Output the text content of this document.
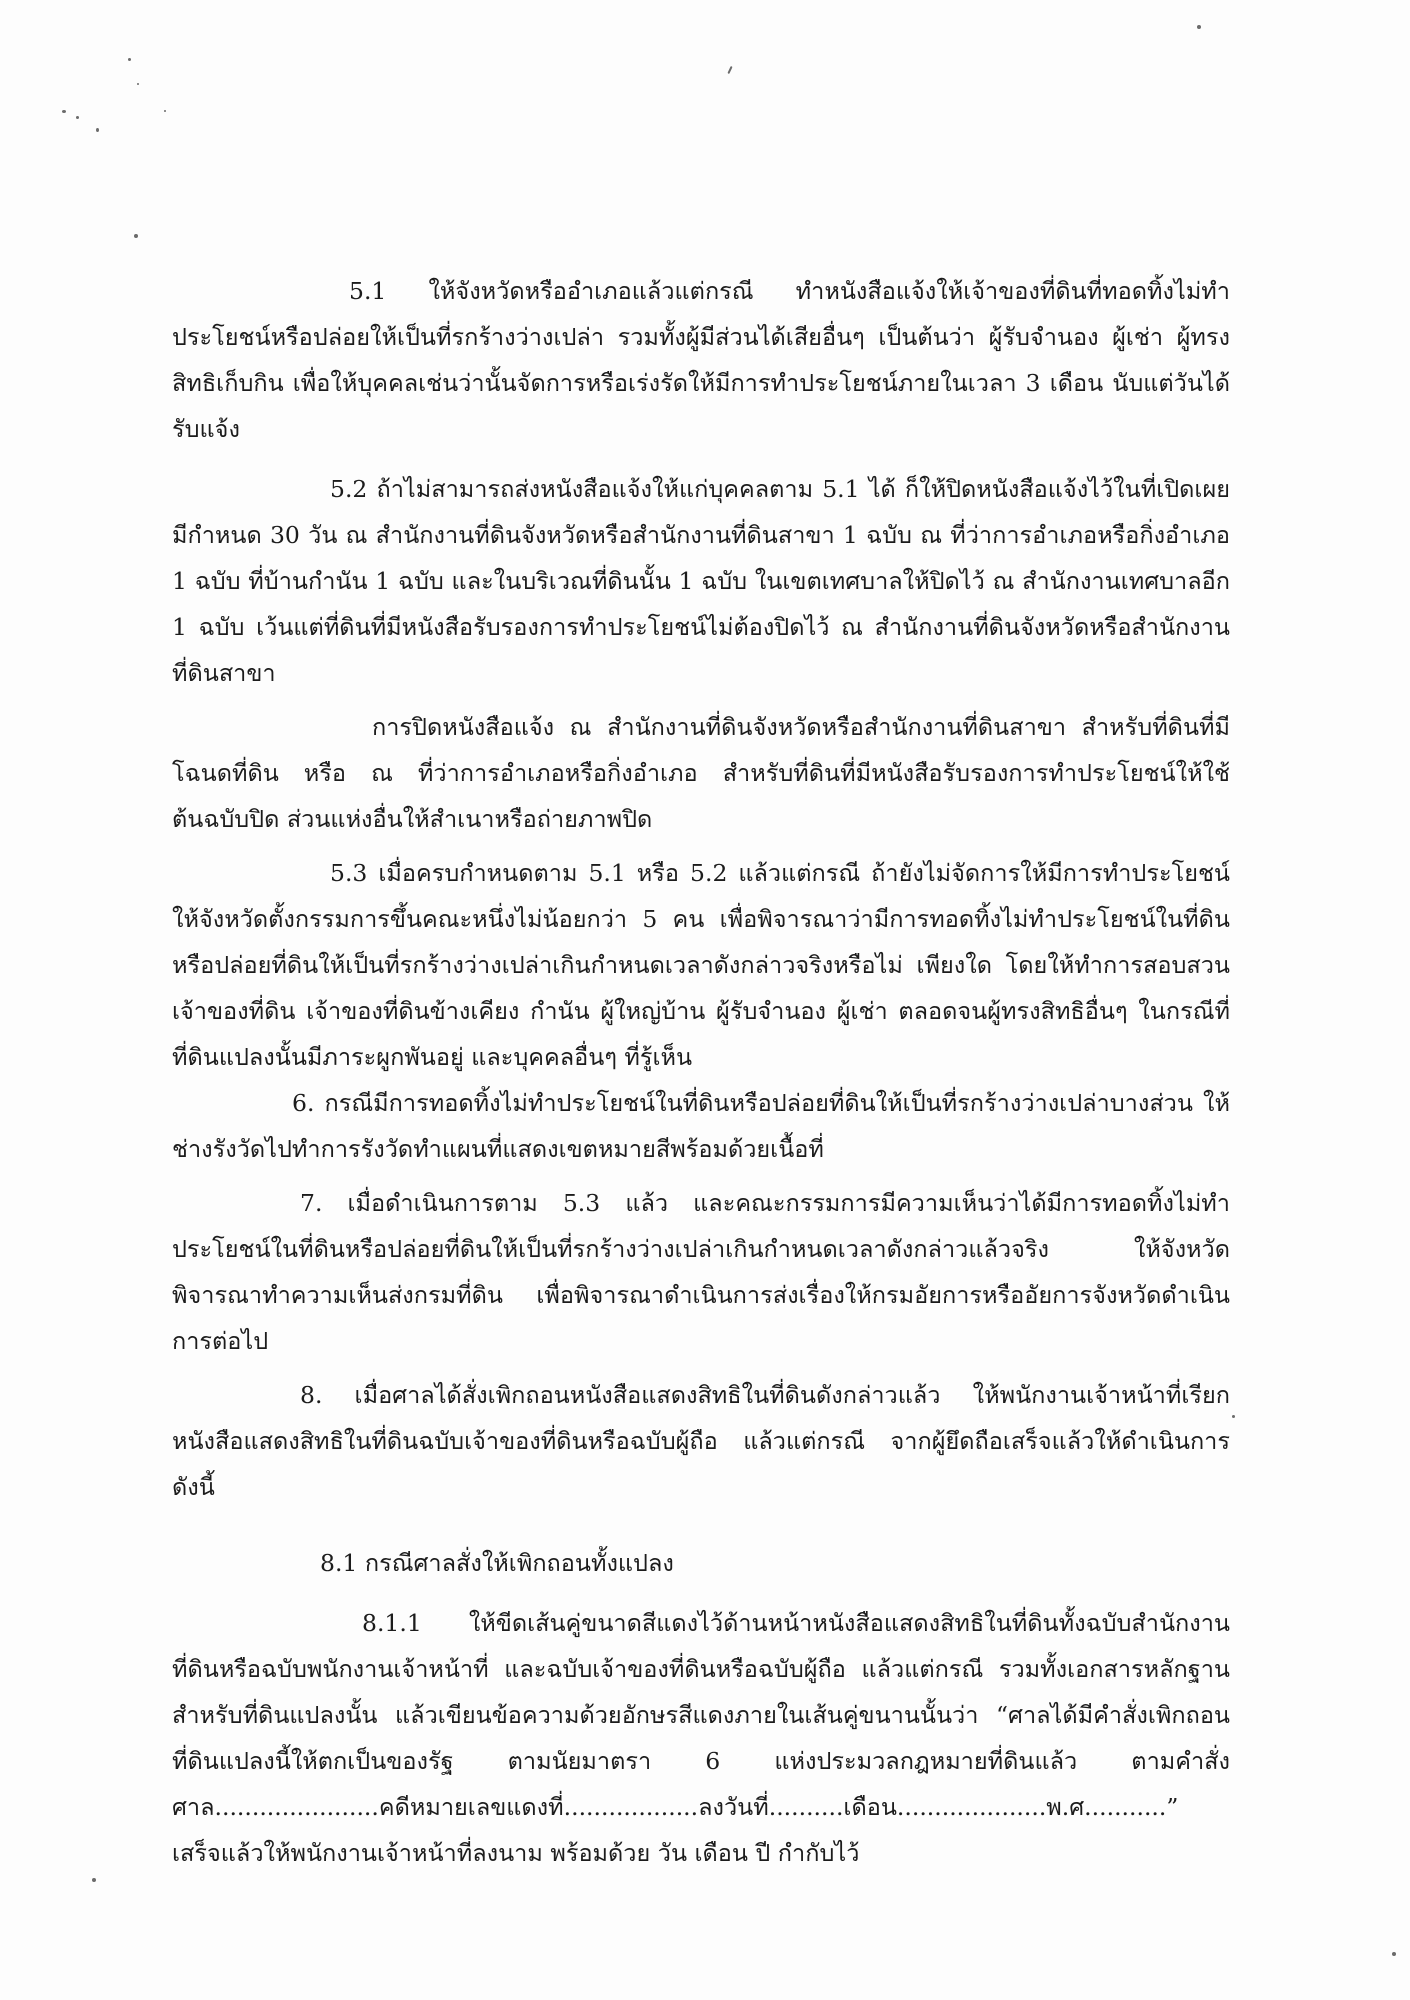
5.1 ให้จังหวัดหรืออำเภอแล้วแต่กรณี ทำหนังสือแจ้งให้เจ้าของที่ดินที่ทอดทิ้งไม่ทำประโยชน์หรือปล่อยให้เป็นที่รกร้างว่างเปล่า รวมทั้งผู้มีส่วนได้เสียอื่นๆ เป็นต้นว่า ผู้รับจำนอง ผู้เช่า ผู้ทรงสิทธิเก็บกิน เพื่อให้บุคคลเช่นว่านั้นจัดการหรือเร่งรัดให้มีการทำประโยชน์ภายในเวลา 3 เดือน นับแต่วันได้รับแจ้ง

5.2 ถ้าไม่สามารถส่งหนังสือแจ้งให้แก่บุคคลตาม 5.1 ได้ ก็ให้ปิดหนังสือแจ้งไว้ในที่เปิดเผยมีกำหนด 30 วัน ณ สำนักงานที่ดินจังหวัดหรือสำนักงานที่ดินสาขา 1 ฉบับ ณ ที่ว่าการอำเภอหรือกิ่งอำเภอ 1 ฉบับ ที่บ้านกำนัน 1 ฉบับ และในบริเวณที่ดินนั้น 1 ฉบับ ในเขตเทศบาลให้ปิดไว้ ณ สำนักงานเทศบาลอีก 1 ฉบับ เว้นแต่ที่ดินที่มีหนังสือรับรองการทำประโยชน์ไม่ต้องปิดไว้ ณ สำนักงานที่ดินจังหวัดหรือสำนักงานที่ดินสาขา

การปิดหนังสือแจ้ง ณ สำนักงานที่ดินจังหวัดหรือสำนักงานที่ดินสาขา สำหรับที่ดินที่มีโฉนดที่ดิน หรือ ณ ที่ว่าการอำเภอหรือกิ่งอำเภอ สำหรับที่ดินที่มีหนังสือรับรองการทำประโยชน์ให้ใช้ต้นฉบับปิด ส่วนแห่งอื่นให้สำเนาหรือถ่ายภาพปิด

5.3 เมื่อครบกำหนดตาม 5.1 หรือ 5.2 แล้วแต่กรณี ถ้ายังไม่จัดการให้มีการทำประโยชน์ ให้จังหวัดตั้งกรรมการขึ้นคณะหนึ่งไม่น้อยกว่า 5 คน เพื่อพิจารณาว่ามีการทอดทิ้งไม่ทำประโยชน์ในที่ดินหรือปล่อยที่ดินให้เป็นที่รกร้างว่างเปล่าเกินกำหนดเวลาดังกล่าวจริงหรือไม่ เพียงใด โดยให้ทำการสอบสวนเจ้าของที่ดิน เจ้าของที่ดินข้างเคียง กำนัน ผู้ใหญ่บ้าน ผู้รับจำนอง ผู้เช่า ตลอดจนผู้ทรงสิทธิอื่นๆ ในกรณีที่ที่ดินแปลงนั้นมีภาระผูกพันอยู่ และบุคคลอื่นๆ ที่รู้เห็น

6. กรณีมีการทอดทิ้งไม่ทำประโยชน์ในที่ดินหรือปล่อยที่ดินให้เป็นที่รกร้างว่างเปล่าบางส่วน ให้ช่างรังวัดไปทำการรังวัดทำแผนที่แสดงเขตหมายสีพร้อมด้วยเนื้อที่

7. เมื่อดำเนินการตาม 5.3 แล้ว และคณะกรรมการมีความเห็นว่าได้มีการทอดทิ้งไม่ทำประโยชน์ในที่ดินหรือปล่อยที่ดินให้เป็นที่รกร้างว่างเปล่าเกินกำหนดเวลาดังกล่าวแล้วจริง ให้จังหวัดพิจารณาทำความเห็นส่งกรมที่ดิน เพื่อพิจารณาดำเนินการส่งเรื่องให้กรมอัยการหรืออัยการจังหวัดดำเนินการต่อไป

8. เมื่อศาลได้สั่งเพิกถอนหนังสือแสดงสิทธิในที่ดินดังกล่าวแล้ว ให้พนักงานเจ้าหน้าที่เรียกหนังสือแสดงสิทธิในที่ดินฉบับเจ้าของที่ดินหรือฉบับผู้ถือ แล้วแต่กรณี จากผู้ยึดถือเสร็จแล้วให้ดำเนินการดังนี้

8.1 กรณีศาลสั่งให้เพิกถอนทั้งแปลง

8.1.1 ให้ขีดเส้นคู่ขนาดสีแดงไว้ด้านหน้าหนังสือแสดงสิทธิในที่ดินทั้งฉบับสำนักงานที่ดินหรือฉบับพนักงานเจ้าหน้าที่ และฉบับเจ้าของที่ดินหรือฉบับผู้ถือ แล้วแต่กรณี รวมทั้งเอกสารหลักฐานสำหรับที่ดินแปลงนั้น แล้วเขียนข้อความด้วยอักษรสีแดงภายในเส้นคู่ขนานนั้นว่า “ศาลได้มีคำสั่งเพิกถอนที่ดินแปลงนี้ให้ตกเป็นของรัฐ ตามนัยมาตรา 6 แห่งประมวลกฎหมายที่ดินแล้ว ตามคำสั่งศาล......................คดีหมายเลขแดงที่..................ลงวันที่..........เดือน....................พ.ศ...........” เสร็จแล้วให้พนักงานเจ้าหน้าที่ลงนาม พร้อมด้วย วัน เดือน ปี กำกับไว้
